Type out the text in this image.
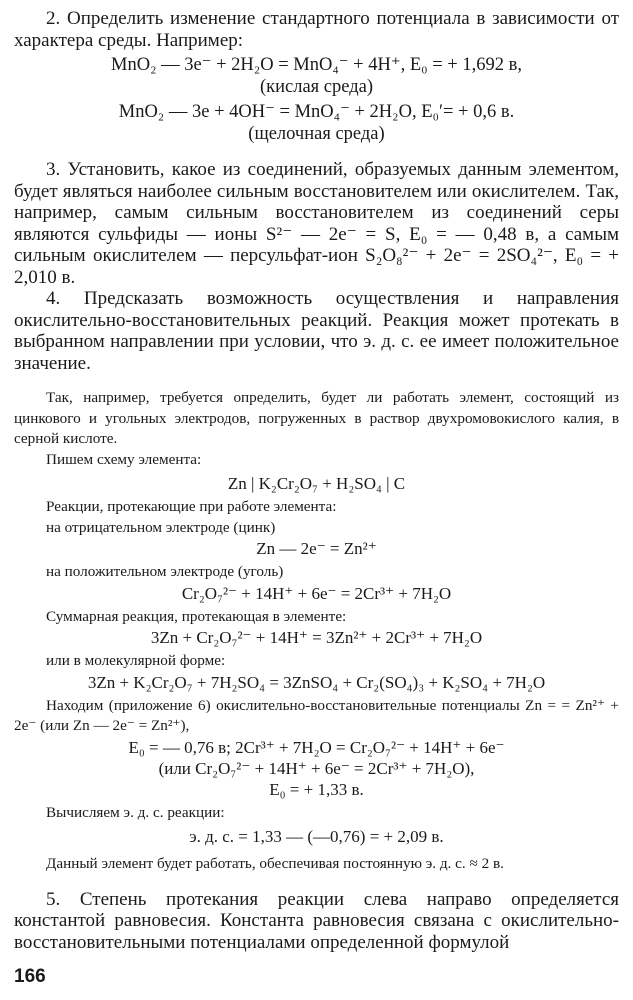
2. Определить изменение стандартного потенциала в зависимости от характера среды. Например:

MnO₂ — 3e⁻ + 2H₂O = MnO₄⁻ + 4H⁺, E₀ = + 1,692 в,

(кислая среда)

MnO₂ — 3e + 4OH⁻ = MnO₄⁻ + 2H₂O, E₀′= + 0,6 в.

(щелочная среда)

3. Установить, какое из соединений, образуемых данным элементом, будет являться наиболее сильным восстановителем или окислителем. Так, например, самым сильным восстановителем из соединений серы являются сульфиды — ионы S²⁻ — 2e⁻ = S, E₀ = — 0,48 в, а самым сильным окислителем — персульфат-ион S₂O₈²⁻ + 2e⁻ = 2SO₄²⁻, E₀ = + 2,010 в.

4. Предсказать возможность осуществления и направления окислительно-восстановительных реакций. Реакция может протекать в выбранном направлении при условии, что э. д. с. ее имеет положительное значение.

Так, например, требуется определить, будет ли работать элемент, состоящий из цинкового и угольных электродов, погруженных в раствор двухромовокислого калия, в серной кислоте.

Пишем схему элемента:

Zn | K₂Cr₂O₇ + H₂SO₄ | C

Реакции, протекающие при работе элемента:

на отрицательном электроде (цинк)

Zn — 2e⁻ = Zn²⁺

на положительном электроде (уголь)

Cr₂O₇²⁻ + 14H⁺ + 6e⁻ = 2Cr³⁺ + 7H₂O

Суммарная реакция, протекающая в элементе:

3Zn + Cr₂O₇²⁻ + 14H⁺ = 3Zn²⁺ + 2Cr³⁺ + 7H₂O

или в молекулярной форме:

3Zn + K₂Cr₂O₇ + 7H₂SO₄ = 3ZnSO₄ + Cr₂(SO₄)₃ + K₂SO₄ + 7H₂O

Находим (приложение 6) окислительно-восстановительные потенциалы Zn = = Zn²⁺ + 2e⁻ (или Zn — 2e⁻ = Zn²⁺),

E₀ = — 0,76 в; 2Cr³⁺ + 7H₂O = Cr₂O₇²⁻ + 14H⁺ + 6e⁻

(или Cr₂O₇²⁻ + 14H⁺ + 6e⁻ = 2Cr³⁺ + 7H₂O),

E₀ = + 1,33 в.

Вычисляем э. д. с. реакции:

э. д. с. = 1,33 — (—0,76) = + 2,09 в.

Данный элемент будет работать, обеспечивая постоянную э. д. с. ≈ 2 в.

5. Степень протекания реакции слева направо определяется константой равновесия. Константа равновесия связана с окислительно-восстановительными потенциалами определенной формулой

166
